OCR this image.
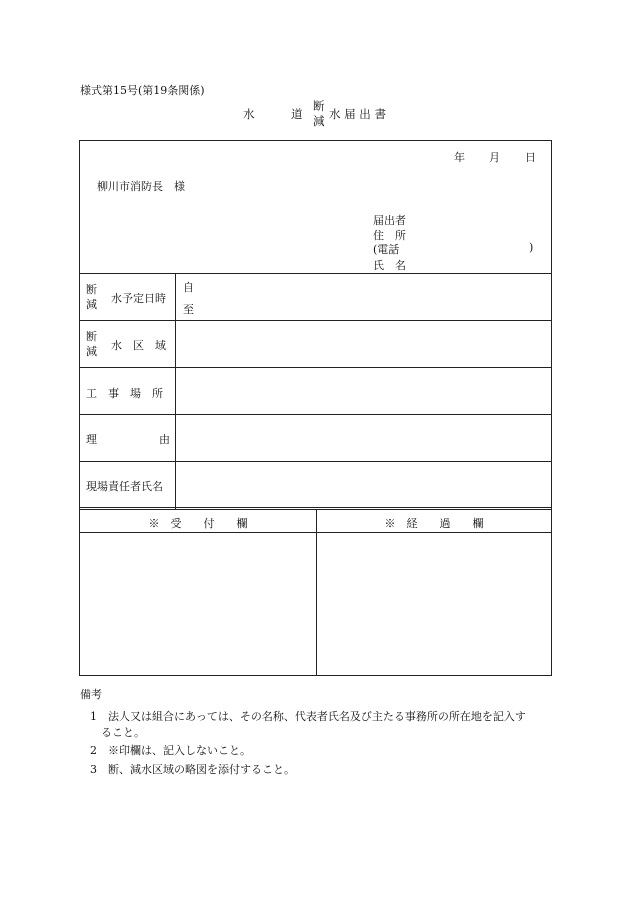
様式第15号(第19条関係)
水	道
断
減 水 届 出 書
年 月 日
柳川市消防長　様
届出者
住　所
(電話	)
氏　名
断
減 水予定日時
自
至
断
減 水　区　域
工　事　場　所
理	由
現場責任者氏名
※　受　　付　　欄	※　経　　過　　欄
備考
1　法人又は組合にあっては、その名称、代表者氏名及び主たる事務所の所在地を記入す
　ること。
2　※印欄は、記入しないこと。
3　断、減水区域の略図を添付すること。
